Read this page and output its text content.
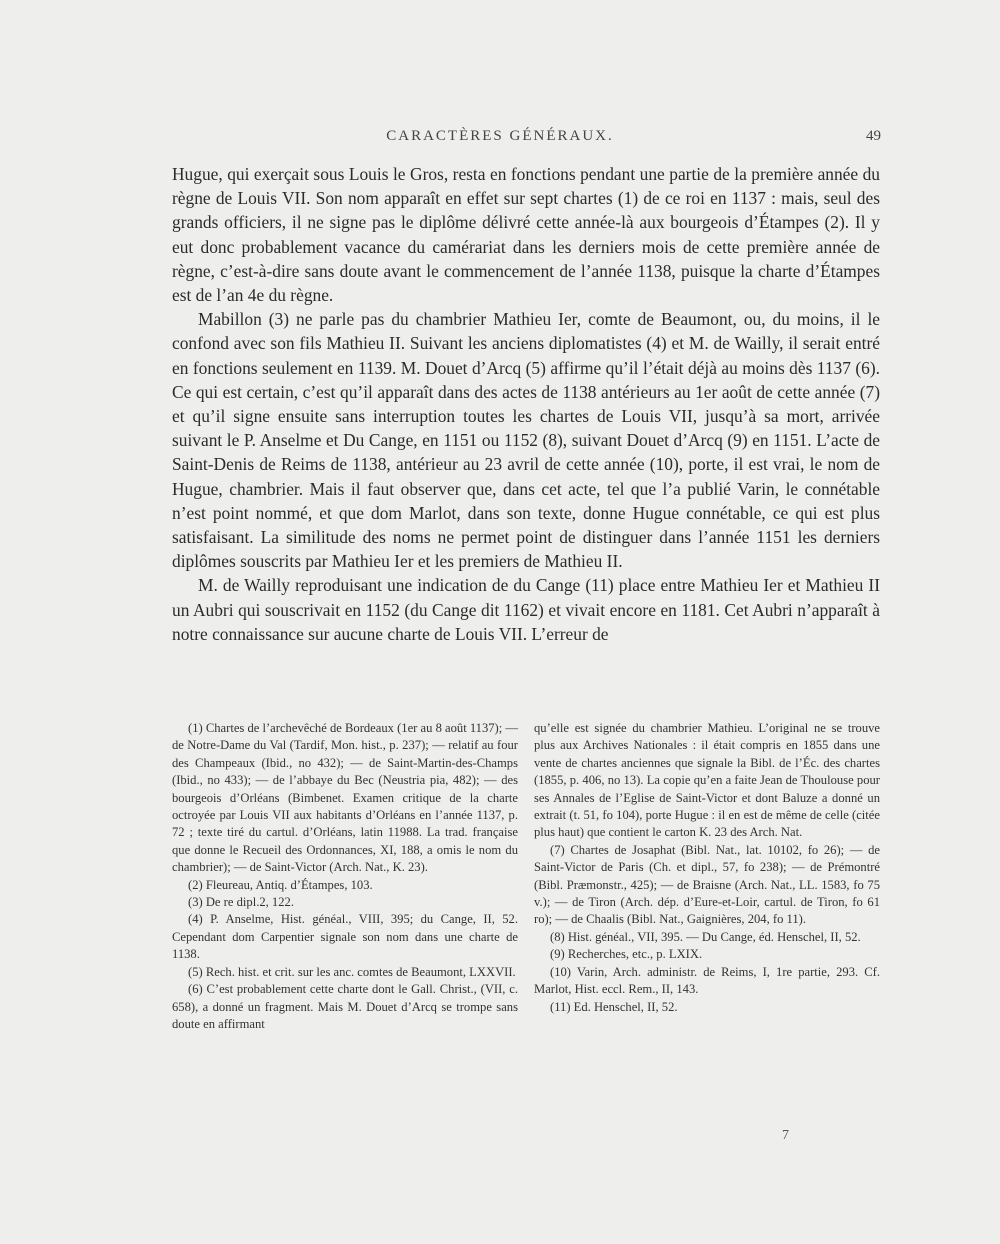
CARACTÈRES GÉNÉRAUX.	49

Hugue, qui exerçait sous Louis le Gros, resta en fonctions pendant une partie de la première année du règne de Louis VII. Son nom apparaît en effet sur sept chartes (1) de ce roi en 1137 : mais, seul des grands officiers, il ne signe pas le diplôme délivré cette année-là aux bourgeois d’Étampes (2). Il y eut donc probablement vacance du camérariat dans les derniers mois de cette première année de règne, c’est-à-dire sans doute avant le commencement de l’année 1138, puisque la charte d’Étampes est de l’an 4e du règne.

Mabillon (3) ne parle pas du chambrier Mathieu Ier, comte de Beaumont, ou, du moins, il le confond avec son fils Mathieu II. Suivant les anciens diplomatistes (4) et M. de Wailly, il serait entré en fonctions seulement en 1139. M. Douet d’Arcq (5) affirme qu’il l’était déjà au moins dès 1137 (6). Ce qui est certain, c’est qu’il apparaît dans des actes de 1138 antérieurs au 1er août de cette année (7) et qu’il signe ensuite sans interruption toutes les chartes de Louis VII, jusqu’à sa mort, arrivée suivant le P. Anselme et Du Cange, en 1151 ou 1152 (8), suivant Douet d’Arcq (9) en 1151. L’acte de Saint-Denis de Reims de 1138, antérieur au 23 avril de cette année (10), porte, il est vrai, le nom de Hugue, chambrier. Mais il faut observer que, dans cet acte, tel que l’a publié Varin, le connétable n’est point nommé, et que dom Marlot, dans son texte, donne Hugue connétable, ce qui est plus satisfaisant. La similitude des noms ne permet point de distinguer dans l’année 1151 les derniers diplômes souscrits par Mathieu Ier et les premiers de Mathieu II.

M. de Wailly reproduisant une indication de du Cange (11) place entre Mathieu Ier et Mathieu II un Aubri qui souscrivait en 1152 (du Cange dit 1162) et vivait encore en 1181. Cet Aubri n’apparaît à notre connaissance sur aucune charte de Louis VII. L’erreur de

(1) Chartes de l’archevêché de Bordeaux (1er au 8 août 1137); — de Notre-Dame du Val (Tardif, Mon. hist., p. 237); — relatif au four des Champeaux (Ibid., no 432); — de Saint-Martin-des-Champs (Ibid., no 433); — de l’abbaye du Bec (Neustria pia, 482); — des bourgeois d’Orléans (Bimbenet. Examen critique de la charte octroyée par Louis VII aux habitants d’Orléans en l’année 1137, p. 72 ; texte tiré du cartul. d’Orléans, latin 11988. La trad. française que donne le Recueil des Ordonnances, XI, 188, a omis le nom du chambrier); — de Saint-Victor (Arch. Nat., K. 23).

(2) Fleureau, Antiq. d’Étampes, 103.

(3) De re dipl.2, 122.

(4) P. Anselme, Hist. généal., VIII, 395; du Cange, II, 52. Cependant dom Carpentier signale son nom dans une charte de 1138.

(5) Rech. hist. et crit. sur les anc. comtes de Beaumont, LXXVII.

(6) C’est probablement cette charte dont le Gall. Christ., (VII, c. 658), a donné un fragment. Mais M. Douet d’Arcq se trompe sans doute en affirmant

qu’elle est signée du chambrier Mathieu. L’original ne se trouve plus aux Archives Nationales : il était compris en 1855 dans une vente de chartes anciennes que signale la Bibl. de l’Éc. des chartes (1855, p. 406, no 13). La copie qu’en a faite Jean de Thoulouse pour ses Annales de l’Eglise de Saint-Victor et dont Baluze a donné un extrait (t. 51, fo 104), porte Hugue : il en est de même de celle (citée plus haut) que contient le carton K. 23 des Arch. Nat.

(7) Chartes de Josaphat (Bibl. Nat., lat. 10102, fo 26); — de Saint-Victor de Paris (Ch. et dipl., 57, fo 238); — de Prémontré (Bibl. Præmonstr., 425); — de Braisne (Arch. Nat., LL. 1583, fo 75 v.); — de Tiron (Arch. dép. d’Eure-et-Loir, cartul. de Tiron, fo 61 ro); — de Chaalis (Bibl. Nat., Gaignières, 204, fo 11).

(8) Hist. généal., VII, 395. — Du Cange, éd. Henschel, II, 52.

(9) Recherches, etc., p. LXIX.

(10) Varin, Arch. administr. de Reims, I, 1re partie, 293. Cf. Marlot, Hist. eccl. Rem., II, 143.

(11) Ed. Henschel, II, 52.

7
